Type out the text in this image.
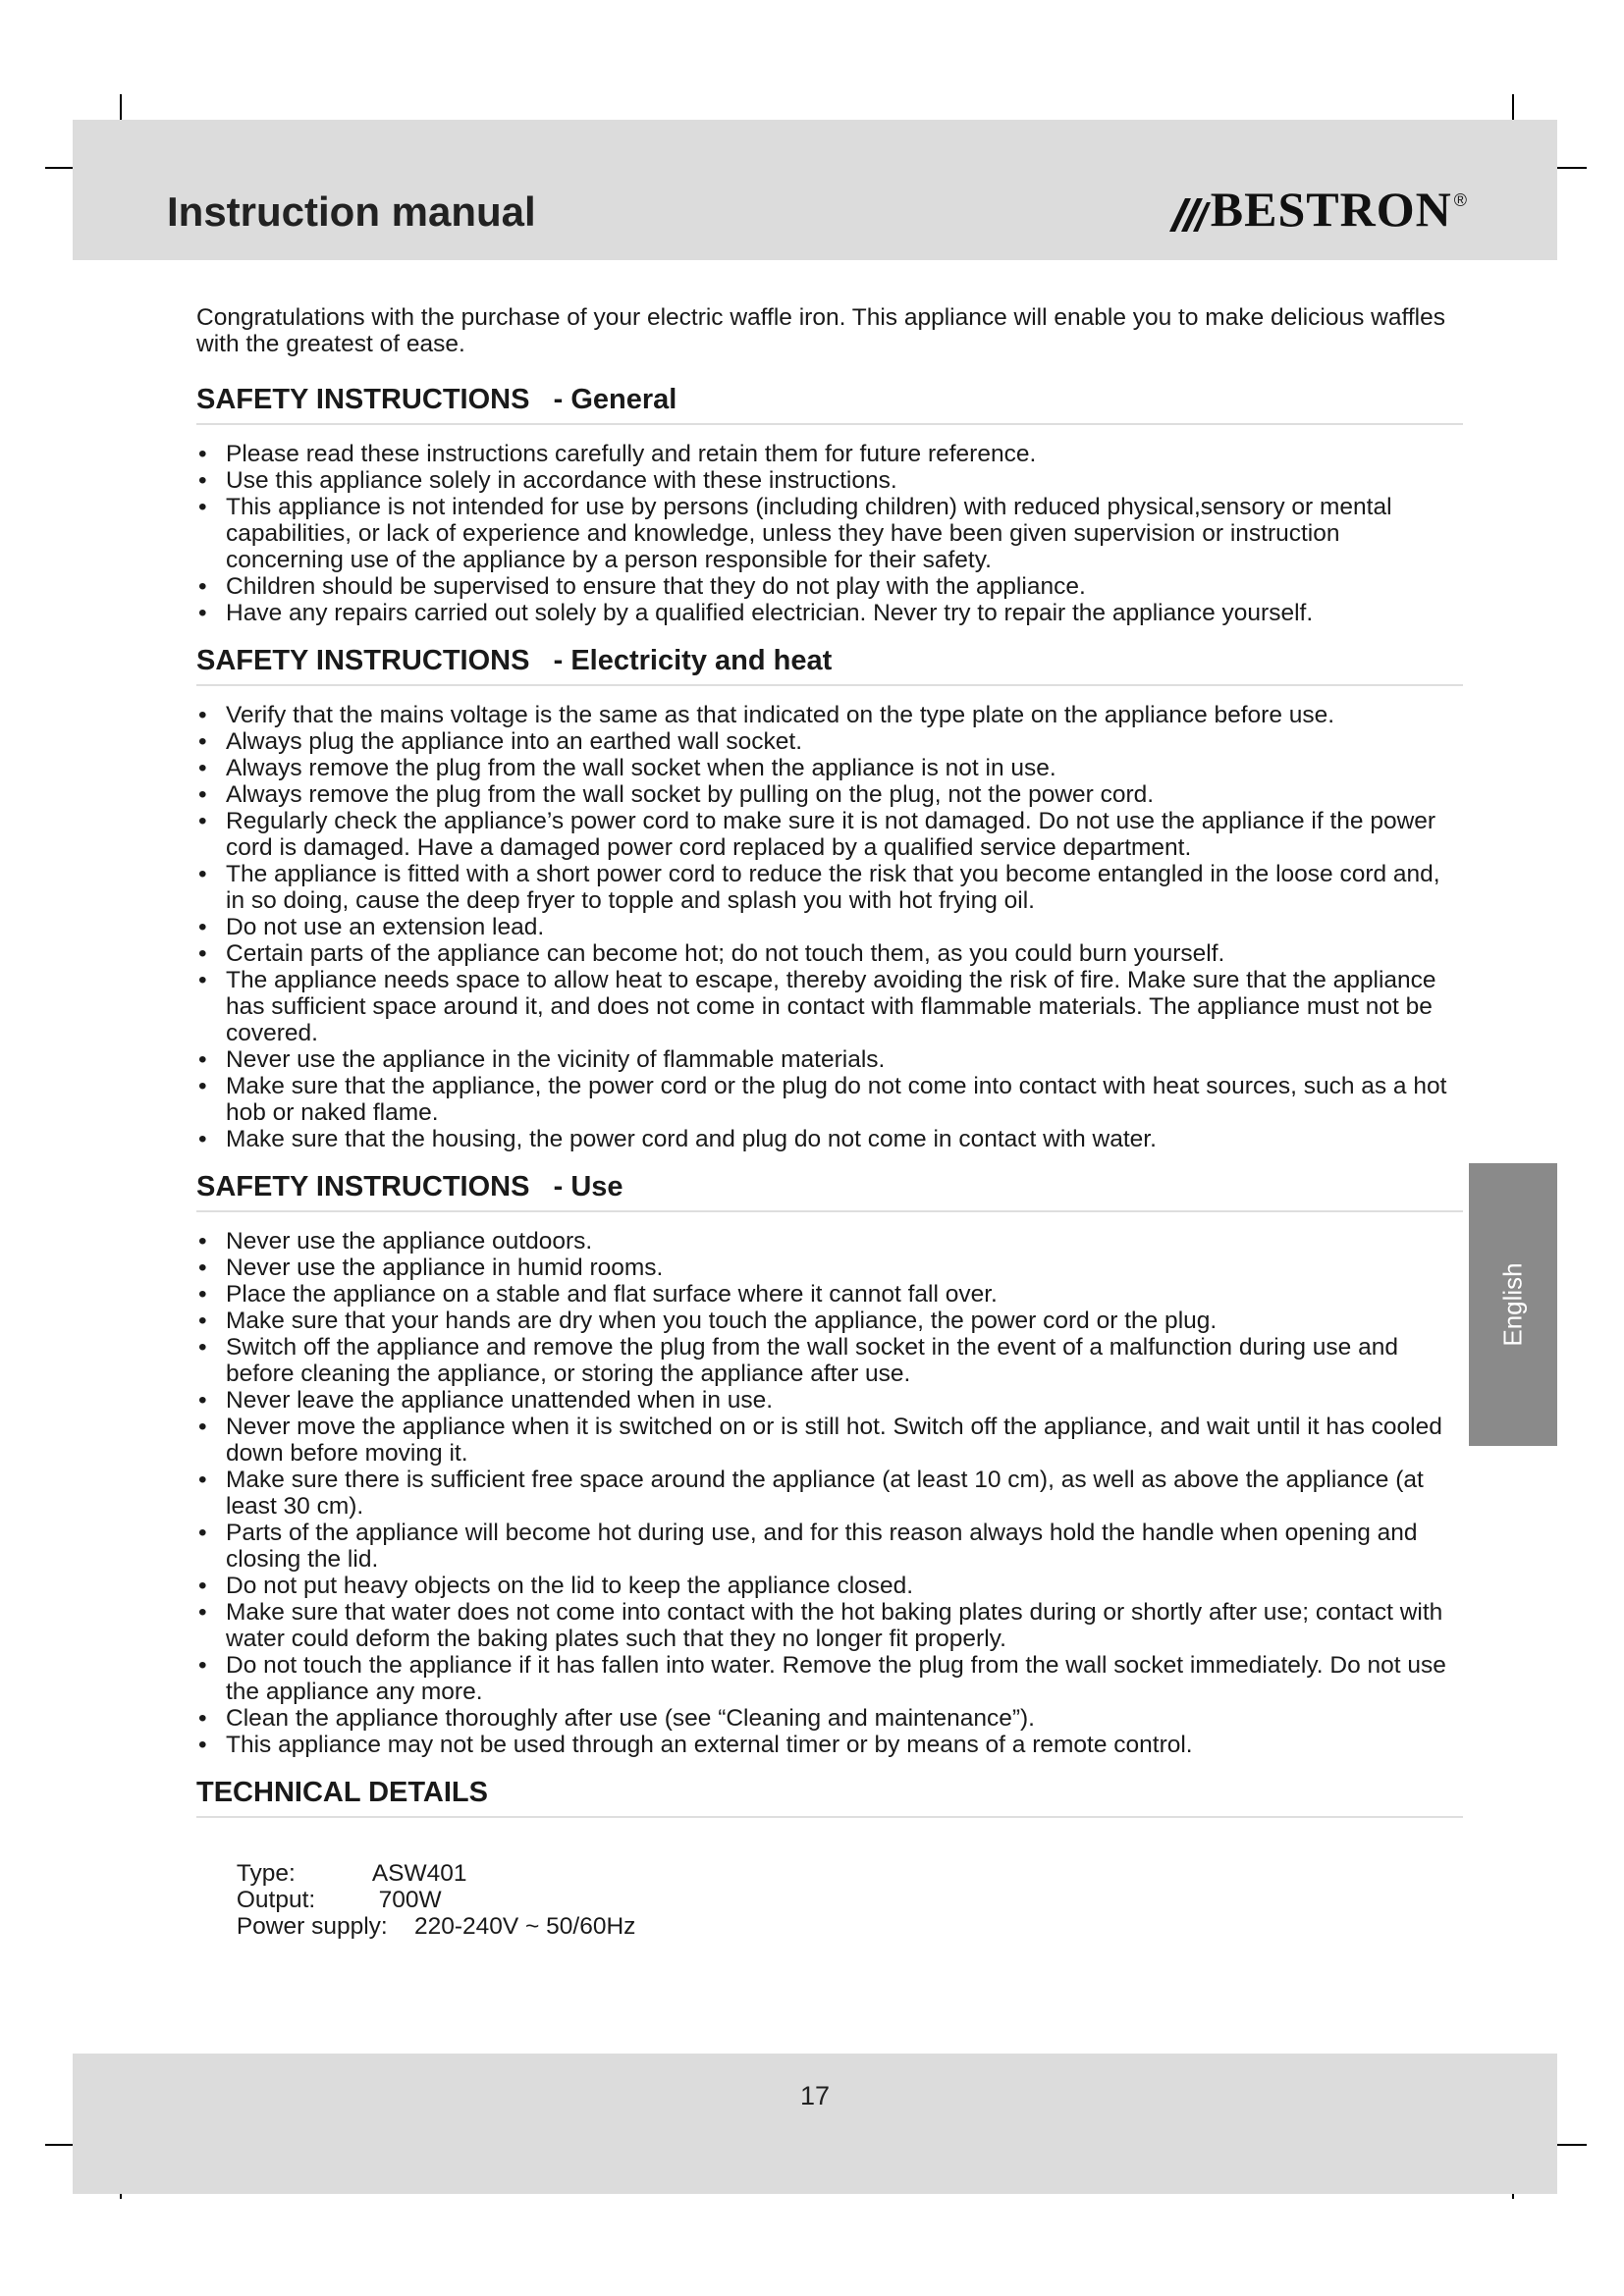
Instruction manual	BESTRON ®

Congratulations with the purchase of your electric waffle iron. This appliance will enable you to make delicious waffles with the greatest of ease.

SAFETY INSTRUCTIONS   - General
• Please read these instructions carefully and retain them for future reference.
• Use this appliance solely in accordance with these instructions.
• This appliance is not intended for use by persons (including children) with reduced physical,sensory or mental capabilities, or lack of experience and knowledge, unless they have been given supervision or instruction concerning use of the appliance by a person responsible for their safety.
• Children should be supervised to ensure that they do not play with the appliance.
• Have any repairs carried out solely by a qualified electrician. Never try to repair the appliance yourself.
SAFETY INSTRUCTIONS   - Electricity and heat
• Verify that the mains voltage is the same as that indicated on the type plate on the appliance before use.
• Always plug the appliance into an earthed wall socket.
• Always remove the plug from the wall socket when the appliance is not in use.
• Always remove the plug from the wall socket by pulling on the plug, not the power cord.
• Regularly check the appliance’s power cord to make sure it is not damaged. Do not use the appliance if the power cord is damaged. Have a damaged power cord replaced by a qualified service department.
• The appliance is fitted with a short power cord to reduce the risk that you become entangled in the loose cord and, in so doing, cause the deep fryer to topple and splash you with hot frying oil.
• Do not use an extension lead.
• Certain parts of the appliance can become hot; do not touch them, as you could burn yourself.
• The appliance needs space to allow heat to escape, thereby avoiding the risk of fire. Make sure that the appliance has sufficient space around it, and does not come in contact with flammable materials. The appliance must not be covered.
• Never use the appliance in the vicinity of flammable materials.
• Make sure that the appliance, the power cord or the plug do not come into contact with heat sources, such as a hot hob or naked flame.
• Make sure that the housing, the power cord and plug do not come in contact with water.
SAFETY INSTRUCTIONS   - Use
• Never use the appliance outdoors.
• Never use the appliance in humid rooms.
• Place the appliance on a stable and flat surface where it cannot fall over.
• Make sure that your hands are dry when you touch the appliance, the power cord or the plug.
• Switch off the appliance and remove the plug from the wall socket in the event of a malfunction during use and before cleaning the appliance, or storing the appliance after use.
• Never leave the appliance unattended when in use.
• Never move the appliance when it is switched on or is still hot. Switch off the appliance, and wait until it has cooled down before moving it.
• Make sure there is sufficient free space around the appliance (at least 10 cm), as well as above the appliance (at least 30 cm).
• Parts of the appliance will become hot during use, and for this reason always hold the handle when opening and closing the lid.
• Do not put heavy objects on the lid to keep the appliance closed.
• Make sure that water does not come into contact with the hot baking plates during or shortly after use; contact with water could deform the baking plates such that they no longer fit properly.
• Do not touch the appliance if it has fallen into water. Remove the plug from the wall socket immediately. Do not use the appliance any more.
• Clean the appliance thoroughly after use (see “Cleaning and maintenance”).
• This appliance may not be used through an external timer or by means of a remote control.
TECHNICAL DETAILS

Type:	ASW401

Output: 700W

Power supply:    220-240V ~ 50/60Hz

English
17
